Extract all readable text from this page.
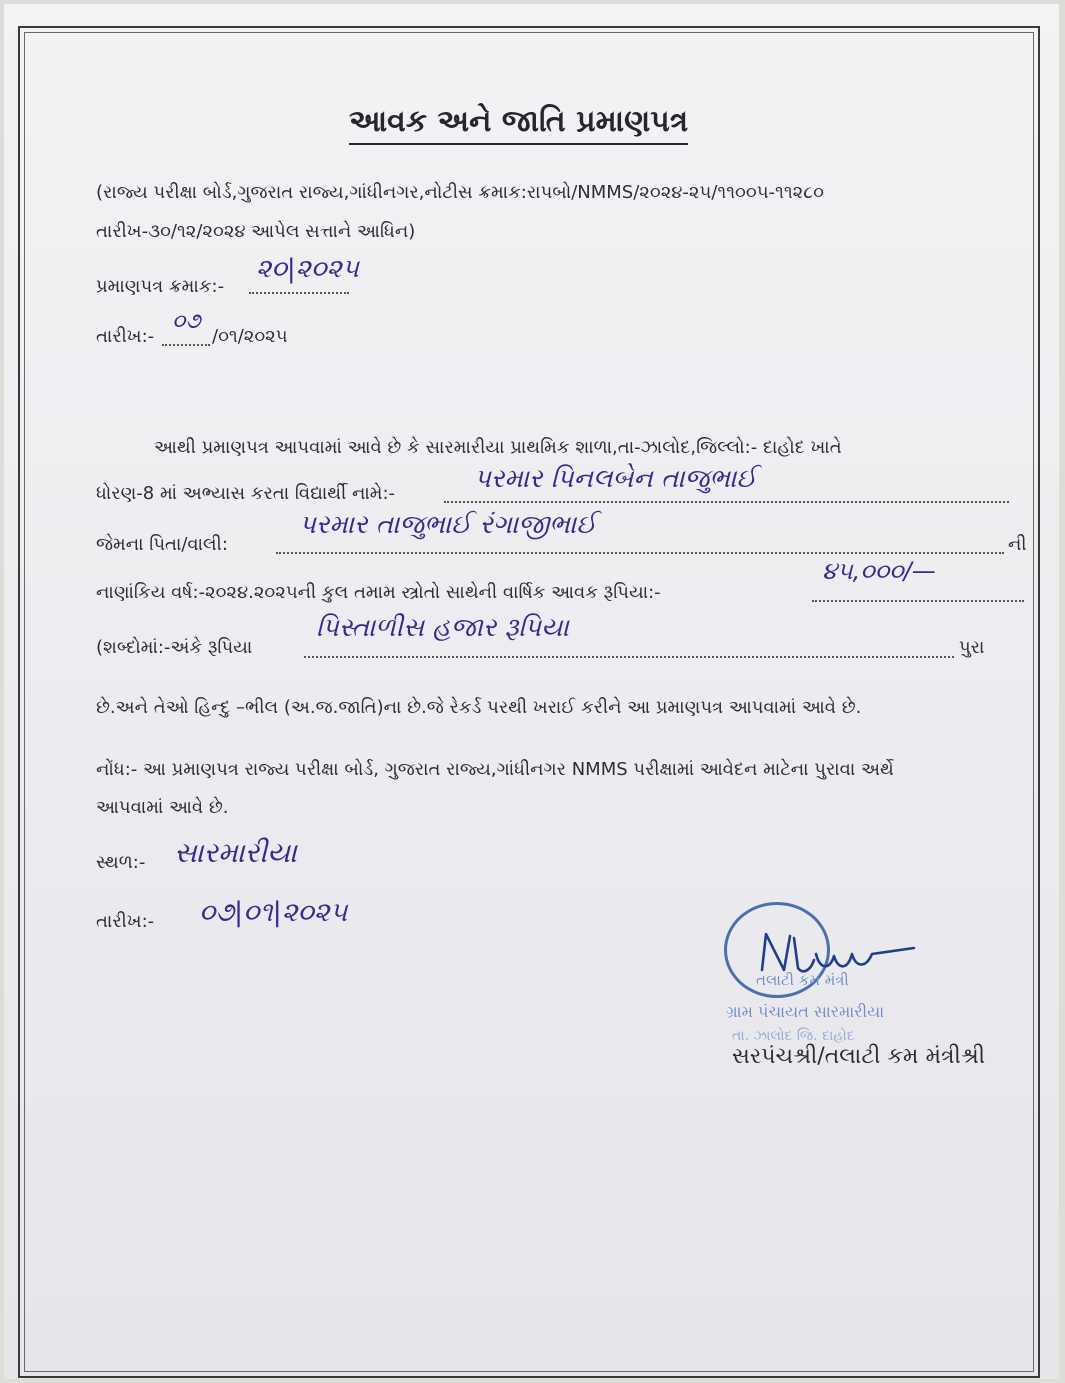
આવક અને જાતિ પ્રમાણપત્ર
(રાજ્ય પરીક્ષા બોર્ડ,ગુજરાત રાજ્ય,ગાંધીનગર,નોટીસ ક્રમાક:રાપબો/NMMS/૨૦૨૪-૨૫/૧૧૦૦૫-૧૧૨૮૦
તારીખ-૩૦/૧૨/૨૦૨૪ આપેલ સત્તાને આધિન)
પ્રમાણપત્ર ક્રમાક:-
૨૦|૨૦૨૫
તારીખ:-
૦૭
/૦૧/૨૦૨૫
આથી પ્રમાણપત્ર આપવામાં આવે છે કે સારમારીયા પ્રાથમિક શાળા,તા-ઝાલોદ,જિલ્લો:- દાહોદ ખાતે
ધોરણ-8 માં અભ્યાસ કરતા વિદ્યાર્થી નામે:-	પરમાર પિનલબેન તાજુભાઈ
જેમના પિતા/વાલી:
પરમાર તાજુભાઈ રંગાજીભાઈ
ની
નાણાંકિય વર્ષ:-૨૦૨૪.૨૦૨૫ની કુલ તમામ સ્ત્રોતો સાથેની વાર્ષિક આવક રૂપિયા:-
૪૫,૦૦૦/—
(શબ્દોમાં:-અંકે રૂપિયા
પિસ્તાળીસ હજાર રૂપિયા
પુરા
છે.અને તેઓ હિન્દુ –ભીલ (અ.જ.જાતિ)ના છે.જે રેકર્ડ પરથી ખરાઈ કરીને આ પ્રમાણપત્ર આપવામાં આવે છે.
નોંધ:- આ પ્રમાણપત્ર રાજ્ય પરીક્ષા બોર્ડ, ગુજરાત રાજ્ય,ગાંધીનગર NMMS પરીક્ષામાં આવેદન માટેના પુરાવા અર્થે
આપવામાં આવે છે.
સ્થળ:- સારમારીયા
તારીખ:- ૦૭|૦૧|૨૦૨૫
તલાટી કમ મંત્રી
ગ્રામ પંચાયત સારમારીયા
તા. ઝાલોદ જિ. દાહોદ
સરપંચશ્રી/તલાટી કમ મંત્રીશ્રી
